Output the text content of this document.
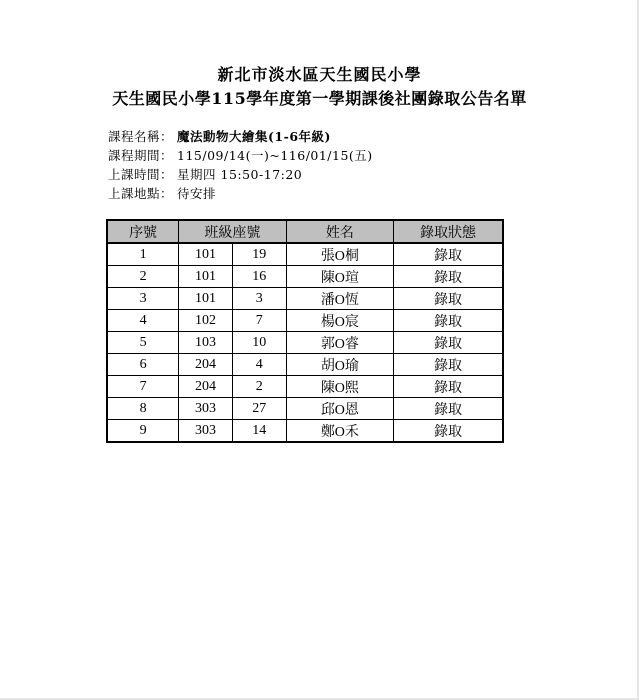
新北市淡水區天生國民小學
天生國民小學115學年度第一學期課後社團錄取公告名單
課程名稱： 魔法動物大繪集(1-6年級)
課程期間： 115/09/14(一)~116/01/15(五)
上課時間： 星期四 15:50-17:20
上課地點： 待安排
序號	班級座號		姓名	錄取狀態
1	101	19	張O桐	錄取
2	101	16	陳O瑄	錄取
3	101	3	潘O恆	錄取
4	102	7	楊O宸	錄取
5	103	10	郭O睿	錄取
6	204	4	胡O瑜	錄取
7	204	2	陳O熙	錄取
8	303	27	邱O恩	錄取
9	303	14	鄭O禾	錄取
